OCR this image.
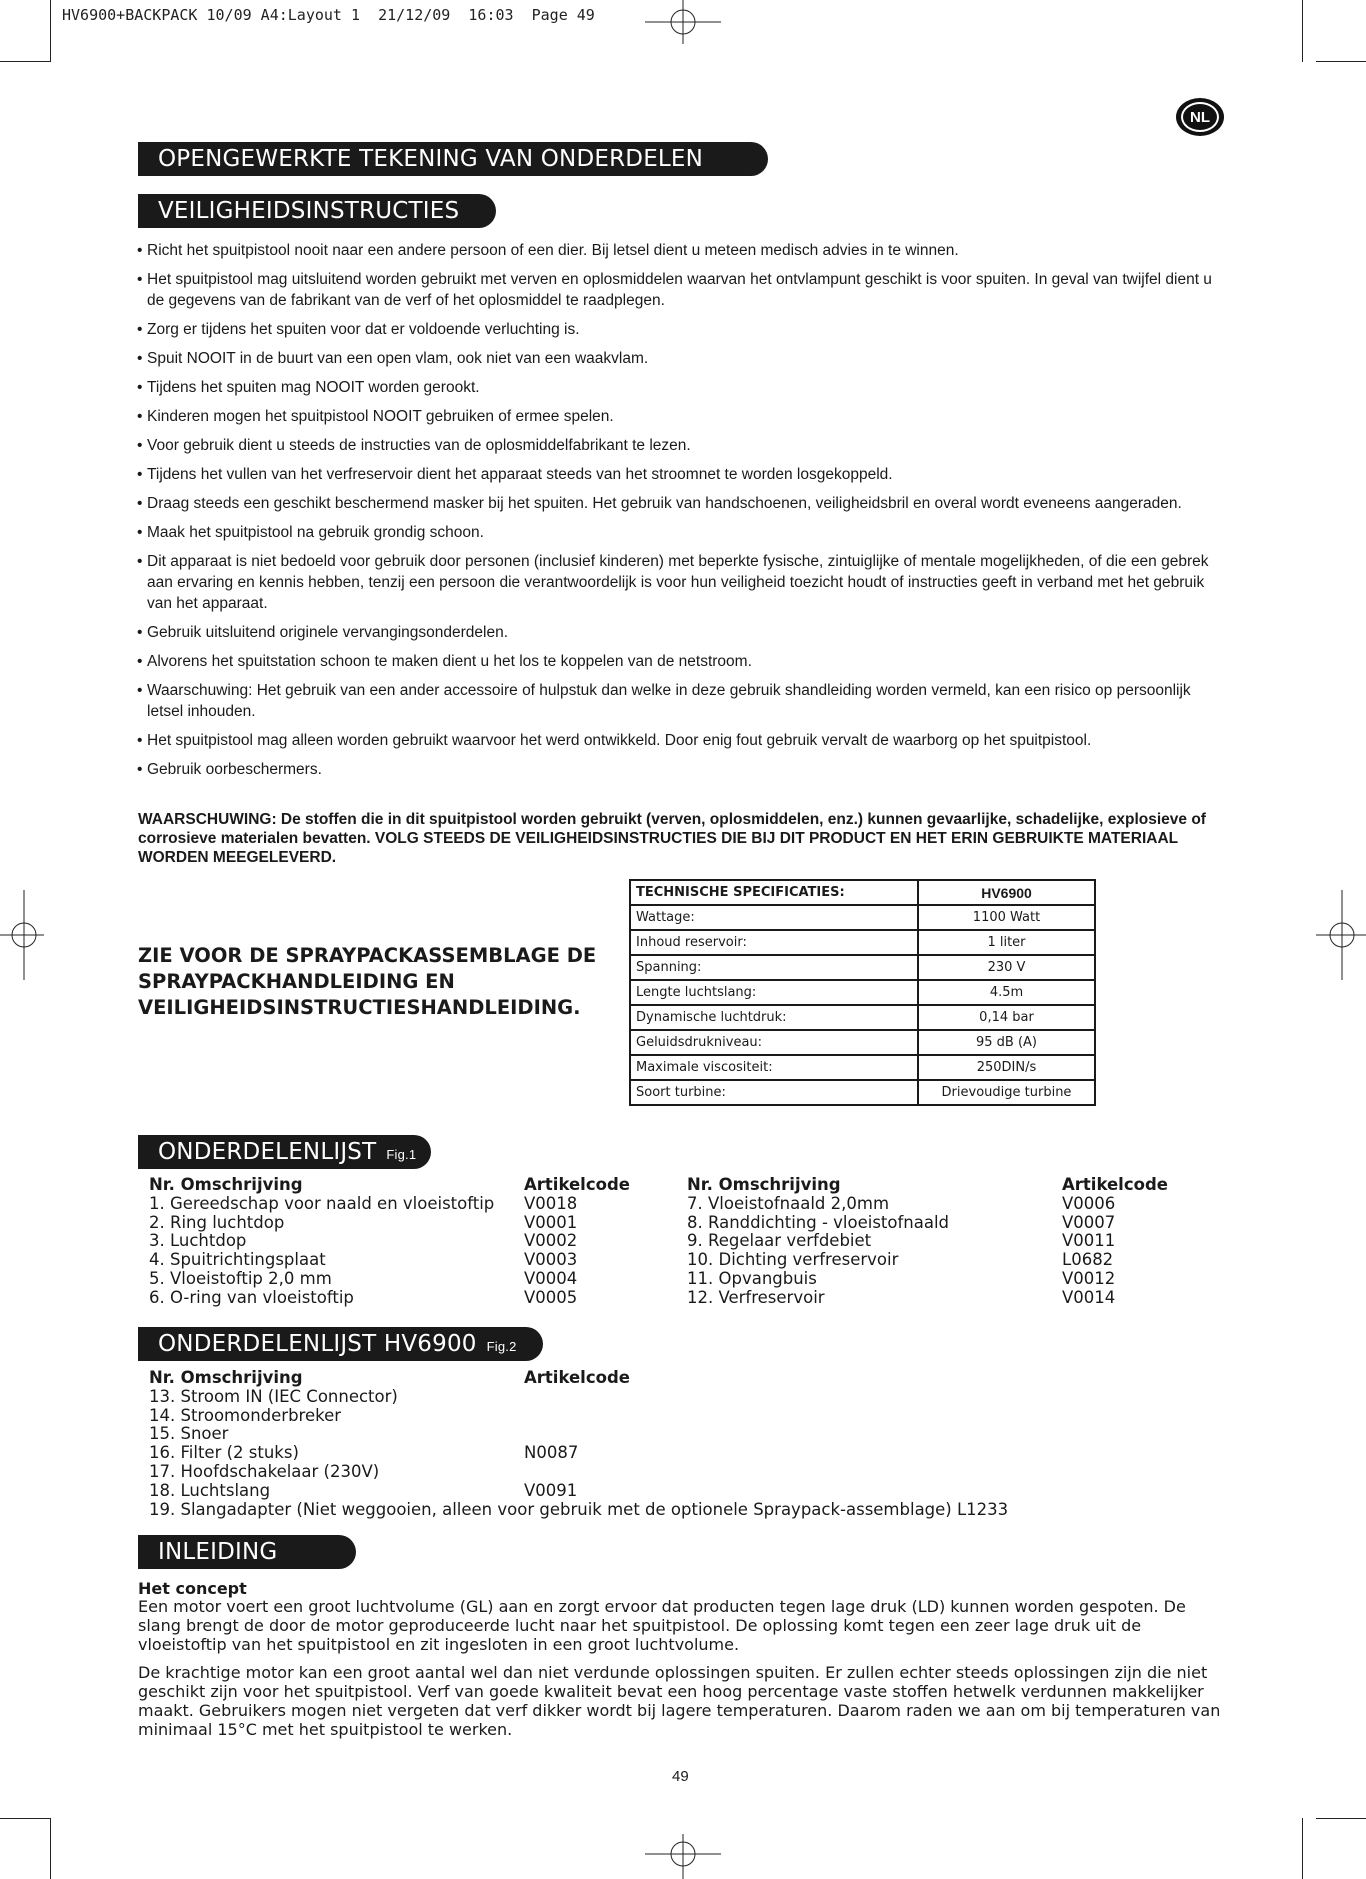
HV6900+BACKPACK 10/09 A4:Layout 1  21/12/09  16:03  Page 49
NL
OPENGEWERKTE TEKENING VAN ONDERDELEN
VEILIGHEIDSINSTRUCTIES
• Richt het spuitpistool nooit naar een andere persoon of een dier. Bij letsel dient u meteen medisch advies in te winnen.
• Het spuitpistool mag uitsluitend worden gebruikt met verven en oplosmiddelen waarvan het ontvlampunt geschikt is voor spuiten. In geval van twijfel dient u de gegevens van de fabrikant van de verf of het oplosmiddel te raadplegen.
• Zorg er tijdens het spuiten voor dat er voldoende verluchting is.
• Spuit NOOIT in de buurt van een open vlam, ook niet van een waakvlam.
• Tijdens het spuiten mag NOOIT worden gerookt.
• Kinderen mogen het spuitpistool NOOIT gebruiken of ermee spelen.
• Voor gebruik dient u steeds de instructies van de oplosmiddelfabrikant te lezen.
• Tijdens het vullen van het verfreservoir dient het apparaat steeds van het stroomnet te worden losgekoppeld.
• Draag steeds een geschikt beschermend masker bij het spuiten. Het gebruik van handschoenen, veiligheidsbril en overal wordt eveneens aangeraden.
• Maak het spuitpistool na gebruik grondig schoon.
• Dit apparaat is niet bedoeld voor gebruik door personen (inclusief kinderen) met beperkte fysische, zintuiglijke of mentale mogelijkheden, of die een gebrek aan ervaring en kennis hebben, tenzij een persoon die verantwoordelijk is voor hun veiligheid toezicht houdt of instructies geeft in verband met het gebruik van het apparaat.
• Gebruik uitsluitend originele vervangingsonderdelen.
• Alvorens het spuitstation schoon te maken dient u het los te koppelen van de netstroom.
• Waarschuwing: Het gebruik van een ander accessoire of hulpstuk dan welke in deze gebruik shandleiding worden vermeld, kan een risico op persoonlijk letsel inhouden.
• Het spuitpistool mag alleen worden gebruikt waarvoor het werd ontwikkeld. Door enig fout gebruik vervalt de waarborg op het spuitpistool.
• Gebruik oorbeschermers.
WAARSCHUWING: De stoffen die in dit spuitpistool worden gebruikt (verven, oplosmiddelen, enz.) kunnen gevaarlijke, schadelijke, explosieve of corrosieve materialen bevatten. VOLG STEEDS DE VEILIGHEIDSINSTRUCTIES DIE BIJ DIT PRODUCT EN HET ERIN GEBRUIKTE MATERIAAL WORDEN MEEGELEVERD.
ZIE VOOR DE SPRAYPACKASSEMBLAGE DE SPRAYPACKHANDLEIDING EN VEILIGHEIDSINSTRUCTIESHANDLEIDING.
TECHNISCHE SPECIFICATIES:	HV6900
Wattage:	1100 Watt
Inhoud reservoir:	1 liter
Spanning:	230 V
Lengte luchtslang:	4.5m
Dynamische luchtdruk:	0,14 bar
Geluidsdrukniveau:	95 dB (A)
Maximale viscositeit:	250DIN/s
Soort turbine:	Drievoudige turbine
ONDERDELENLIJST Fig.1
Nr. Omschrijving	Artikelcode
1. Gereedschap voor naald en vloeistoftip V0018
2. Ring luchtdop	V0001
3. Luchtdop	V0002
4. Spuitrichtingsplaat	V0003
5. Vloeistoftip 2,0 mm	V0004
6. O-ring van vloeistoftip	V0005
Nr. Omschrijving	Artikelcode
7. Vloeistofnaald 2,0mm	V0006
8. Randdichting - vloeistofnaald	V0007
9. Regelaar verfdebiet	V0011
10. Dichting verfreservoir	L0682
11. Opvangbuis	V0012
12. Verfreservoir	V0014
ONDERDELENLIJST HV6900 Fig.2
Nr. Omschrijving	Artikelcode
13. Stroom IN (IEC Connector)
14. Stroomonderbreker
15. Snoer
16. Filter (2 stuks)	N0087
17. Hoofdschakelaar (230V)
18. Luchtslang	V0091
19. Slangadapter (Niet weggooien, alleen voor gebruik met de optionele Spraypack-assemblage) L1233
INLEIDING
Het concept
Een motor voert een groot luchtvolume (GL) aan en zorgt ervoor dat producten tegen lage druk (LD) kunnen worden gespoten. De slang brengt de door de motor geproduceerde lucht naar het spuitpistool. De oplossing komt tegen een zeer lage druk uit de vloeistoftip van het spuitpistool en zit ingesloten in een groot luchtvolume.
De krachtige motor kan een groot aantal wel dan niet verdunde oplossingen spuiten. Er zullen echter steeds oplossingen zijn die niet geschikt zijn voor het spuitpistool. Verf van goede kwaliteit bevat een hoog percentage vaste stoffen hetwelk verdunnen makkelijker maakt. Gebruikers mogen niet vergeten dat verf dikker wordt bij lagere temperaturen. Daarom raden we aan om bij temperaturen van minimaal 15°C met het spuitpistool te werken.
49
